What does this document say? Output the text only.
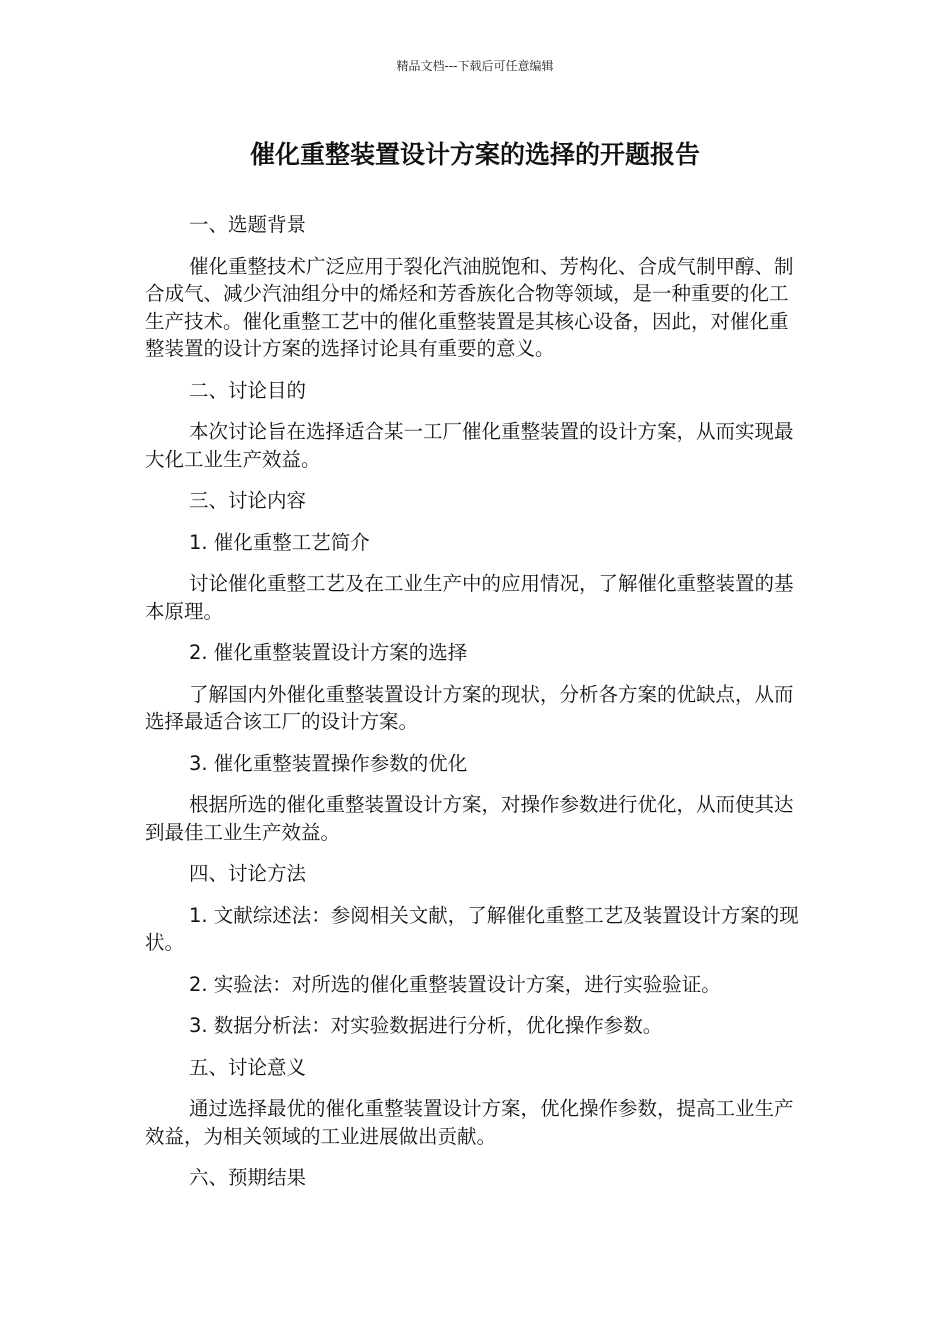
精品文档---下载后可任意编辑
催化重整装置设计方案的选择的开题报告

一、选题背景

催化重整技术广泛应用于裂化汽油脱饱和、芳构化、合成气制甲醇、制合成气、减少汽油组分中的烯烃和芳香族化合物等领域，是一种重要的化工生产技术。催化重整工艺中的催化重整装置是其核心设备，因此，对催化重整装置的设计方案的选择讨论具有重要的意义。

二、讨论目的

本次讨论旨在选择适合某一工厂催化重整装置的设计方案，从而实现最大化工业生产效益。

三、讨论内容

1. 催化重整工艺简介

讨论催化重整工艺及在工业生产中的应用情况，了解催化重整装置的基本原理。

2. 催化重整装置设计方案的选择

了解国内外催化重整装置设计方案的现状，分析各方案的优缺点，从而选择最适合该工厂的设计方案。

3. 催化重整装置操作参数的优化

根据所选的催化重整装置设计方案，对操作参数进行优化，从而使其达到最佳工业生产效益。

四、讨论方法

1. 文献综述法：参阅相关文献，了解催化重整工艺及装置设计方案的现状。

2. 实验法：对所选的催化重整装置设计方案，进行实验验证。

3. 数据分析法：对实验数据进行分析，优化操作参数。

五、讨论意义

通过选择最优的催化重整装置设计方案，优化操作参数，提高工业生产效益，为相关领域的工业进展做出贡献。

六、预期结果
